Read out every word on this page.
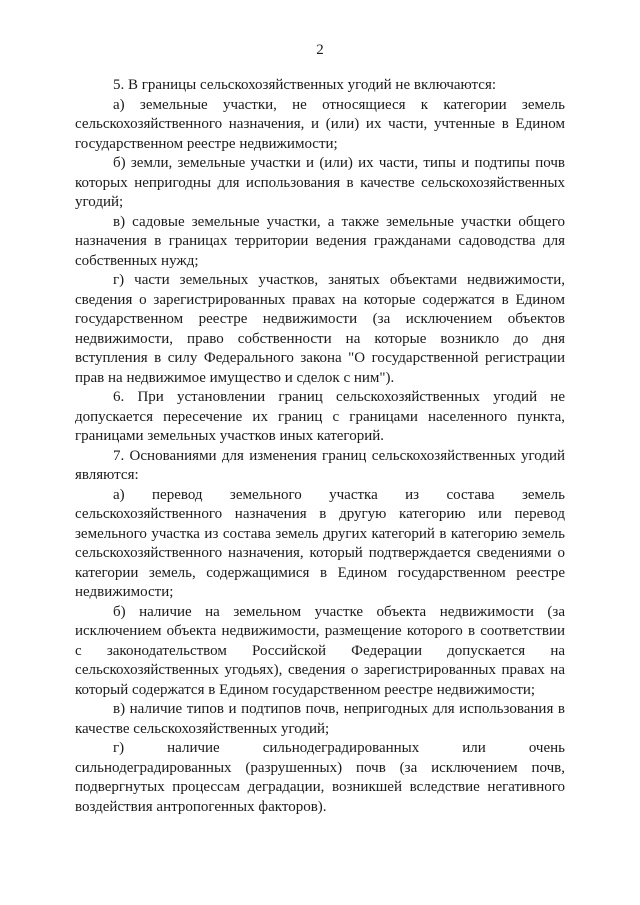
2

5. В границы сельскохозяйственных угодий не включаются:

а) земельные участки, не относящиеся к категории земель сельскохозяйственного назначения, и (или) их части, учтенные в Едином государственном реестре недвижимости;

б) земли, земельные участки и (или) их части, типы и подтипы почв которых непригодны для использования в качестве сельскохозяйственных угодий;

в) садовые земельные участки, а также земельные участки общего назначения в границах территории ведения гражданами садоводства для собственных нужд;

г) части земельных участков, занятых объектами недвижимости, сведения о зарегистрированных правах на которые содержатся в Едином государственном реестре недвижимости (за исключением объектов недвижимости, право собственности на которые возникло до дня вступления в силу Федерального закона "О государственной регистрации прав на недвижимое имущество и сделок с ним").

6. При установлении границ сельскохозяйственных угодий не допускается пересечение их границ с границами населенного пункта, границами земельных участков иных категорий.

7. Основаниями для изменения границ сельскохозяйственных угодий являются:

а) перевод земельного участка из состава земель сельскохозяйственного назначения в другую категорию или перевод земельного участка из состава земель других категорий в категорию земель сельскохозяйственного назначения, который подтверждается сведениями о категории земель, содержащимися в Едином государственном реестре недвижимости;

б) наличие на земельном участке объекта недвижимости (за исключением объекта недвижимости, размещение которого в соответствии с законодательством Российской Федерации допускается на сельскохозяйственных угодьях), сведения о зарегистрированных правах на который содержатся в Едином государственном реестре недвижимости;

в) наличие типов и подтипов почв, непригодных для использования в качестве сельскохозяйственных угодий;

г) наличие сильнодеградированных или очень сильнодеградированных (разрушенных) почв (за исключением почв, подвергнутых процессам деградации, возникшей вследствие негативного воздействия антропогенных факторов).
